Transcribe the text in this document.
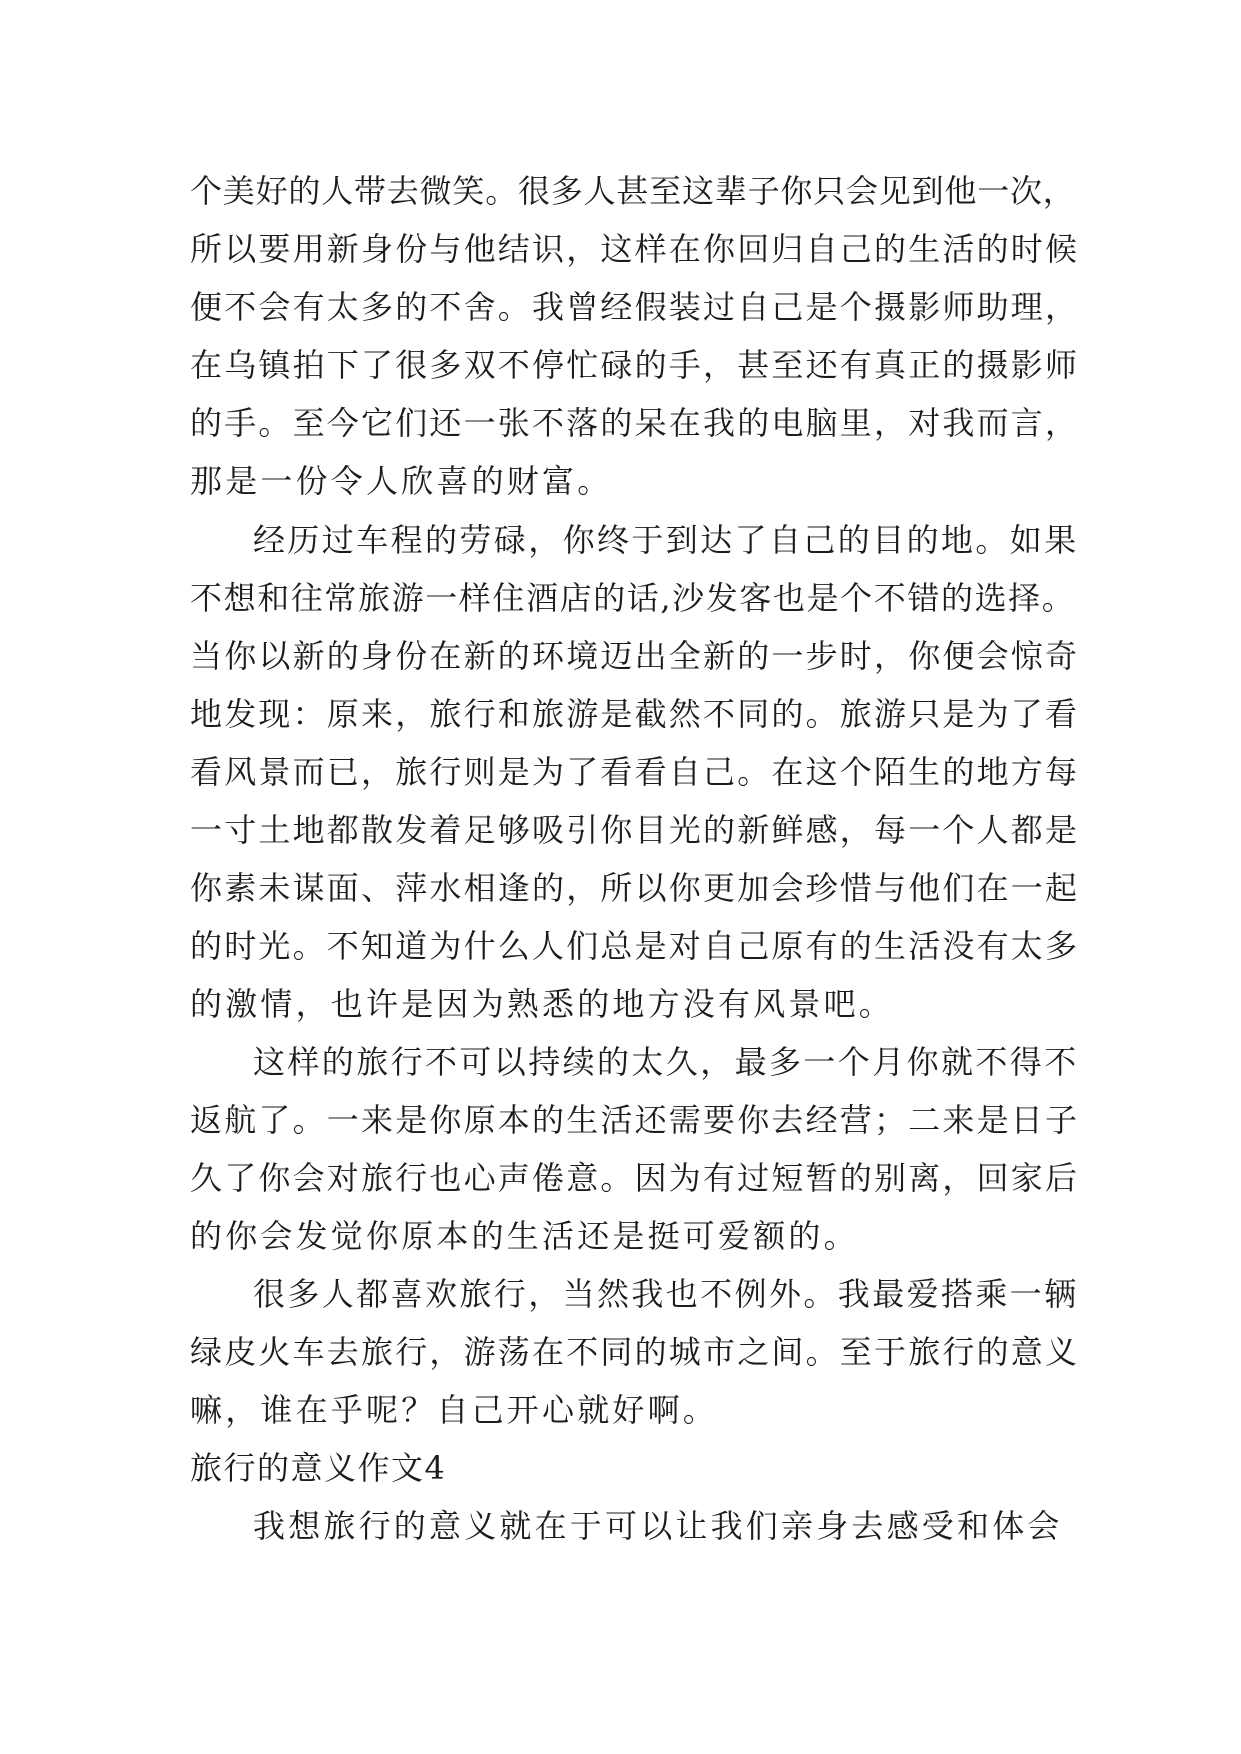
个美好的人带去微笑。很多人甚至这辈子你只会见到他一次，
所以要用新身份与他结识，这样在你回归自己的生活的时候
便不会有太多的不舍。我曾经假装过自己是个摄影师助理，
在乌镇拍下了很多双不停忙碌的手，甚至还有真正的摄影师
的手。至今它们还一张不落的呆在我的电脑里，对我而言，
那是一份令人欣喜的财富。
经历过车程的劳碌，你终于到达了自己的目的地。如果
不想和往常旅游一样住酒店的话,沙发客也是个不错的选择。
当你以新的身份在新的环境迈出全新的一步时，你便会惊奇
地发现：原来，旅行和旅游是截然不同的。旅游只是为了看
看风景而已，旅行则是为了看看自己。在这个陌生的地方每
一寸土地都散发着足够吸引你目光的新鲜感，每一个人都是
你素未谋面、萍水相逢的，所以你更加会珍惜与他们在一起
的时光。不知道为什么人们总是对自己原有的生活没有太多
的激情，也许是因为熟悉的地方没有风景吧。
这样的旅行不可以持续的太久，最多一个月你就不得不
返航了。一来是你原本的生活还需要你去经营；二来是日子
久了你会对旅行也心声倦意。因为有过短暂的别离，回家后
的你会发觉你原本的生活还是挺可爱额的。
很多人都喜欢旅行，当然我也不例外。我最爱搭乘一辆
绿皮火车去旅行，游荡在不同的城市之间。至于旅行的意义
嘛，谁在乎呢？自己开心就好啊。
旅行的意义作文4
我想旅行的意义就在于可以让我们亲身去感受和体会
